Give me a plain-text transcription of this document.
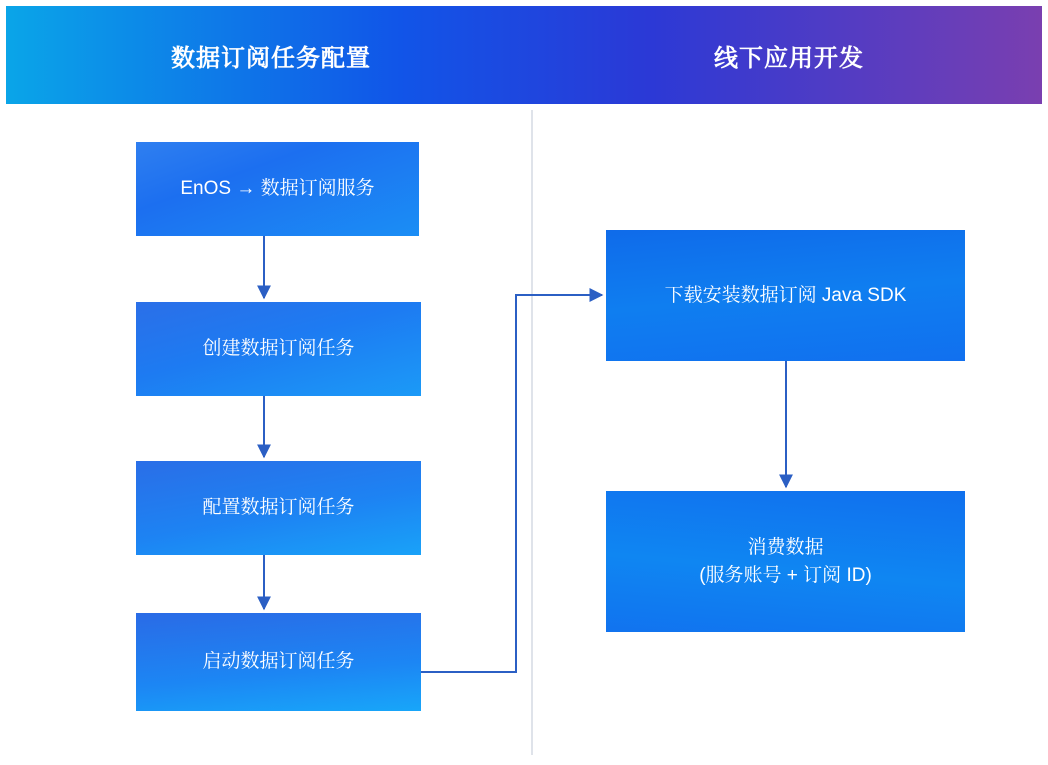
数据订阅任务配置	线下应用开发
EnOS → 数据订阅服务
创建数据订阅任务
配置数据订阅任务
启动数据订阅任务
下载安装数据订阅 Java SDK
消费数据
(服务账号 + 订阅 ID)
